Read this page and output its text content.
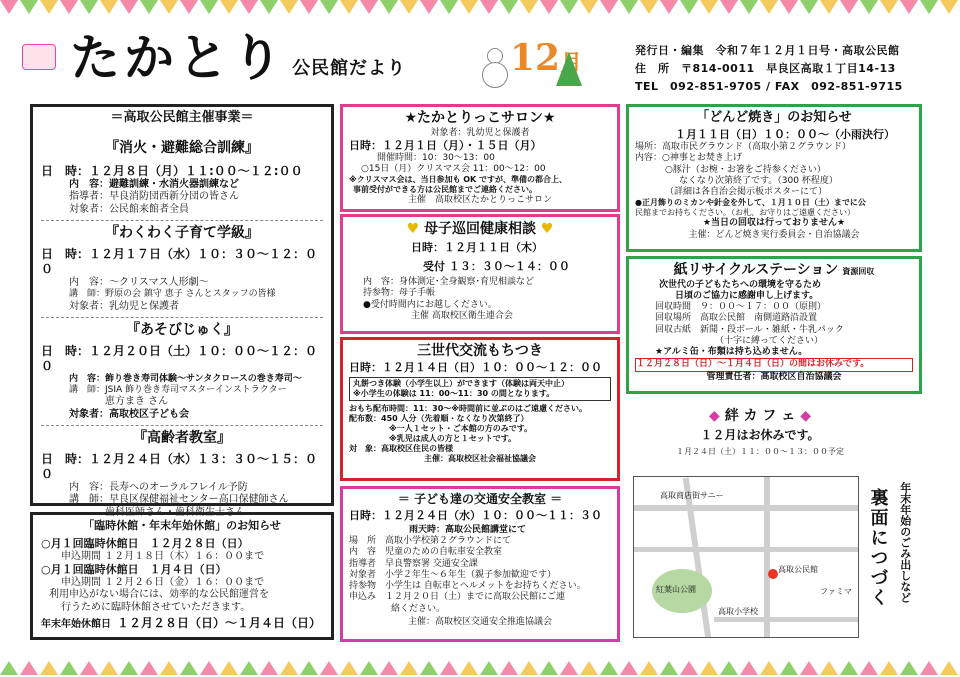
たかとり 公民館だより	12月	発行日・編集　令和７年１２月１日号・高取公民館
住　所　〒814-0011　早良区高取１丁目14-13
TEL　092-851-9705 / FAX　092-851-9715
＝高取公民館主催事業＝
『消火・避難総合訓練』
日　時：１２月８日（月）１１:００～１２:００
内　容：避難訓練・水消火器訓練など
指導者：早良消防団西新分団の皆さん
対象者：公民館来館者全員
『わくわく子育て学級』
日　時：１２月１７日（水）１０：３０～１２：００
内　容：～クリスマス人形劇～
講　師：野原の会 鎮守 恵子 さんとスタッフの皆様
対象者：乳幼児と保護者
『あそびじゅく』
日　時：１２月２０日（土）１０：００～１２：００
内　容：飾り巻き寿司体験～サンタクロースの巻き寿司～
講　師：JSIA 飾り巻き寿司マスターインストラクター
恵方まき さん
対象者：高取校区子ども会
『高齢者教室』
日　時：１２月２４日（水）１３：３０～１５：００
内　容：長寿へのオーラルフレイル予防
講　師：早良区保健福祉センター高口保健師さん
歯科医師さん・歯科衛生士さん
「臨時休館・年末年始休館」のお知らせ
○月１回臨時休館日　１２月２８日（日）
申込期間 １２月１８日（木）１６：００まで
○月１回臨時休館日　１月４日（日）
申込期間 １２月２６日（金）１６：００まで
利用申込がない場合には、効率的な公民館運営を
行うために臨時休館させていただきます。
年末年始休館日 １２月２８日（日）～１月４日（日）
★たかとりっこサロン★
対象者：乳幼児と保護者
日時：１２月１日（月）・１５日（月）
開催時間：10：30～13：00
○15日（月）クリスマス会 11：00～12：00
※クリスマス会は、当日参加も OK ですが、準備の都合上、
事前受付ができる方は公民館までご連絡ください。
主催　高取校区たかとりっこサロン
♥ 母子巡回健康相談 ♥
日時：１２月１１日（木）
受付 １３：３０～１４：００
内　容：身体測定･全身観察･育児相談など
持参物：母子手帳
●受付時間内にお越しください。
主催 高取校区衛生連合会
三世代交流もちつき
日時：１２月１４日（日）１０：００～１２：００
丸餅つき体験（小学生以上）ができます（体験は両天中止）
※小学生の体験は 11：00～11：30 の間となります。
おもち配布時間：11：30～※時間前に並ぶのはご遠慮ください。
配布数：450 人分（先着順・なくなり次第終了）
※一人１セット・ご本館の方のみです。
※乳児は成人の方と１セットです。
対　象：高取校区住民の皆様
主催：高取校区社会福祉協議会
＝ 子ども達の交通安全教室 ＝
日時：１２月２４日（水）１０：００～１１：３０
雨天時：高取公民館講堂にて
場　所　高取小学校第２グラウンドにて
内　容　児童のための自転車安全教室
指導者　早良警察署 交通安全課
対象者　小学２年生～６年生（親子参加歓迎です）
持参物　小学生は 自転車とヘルメットをお持ちください。
申込み　１２月２０日（土）までに高取公民館にご連
絡ください。
主催：高取校区交通安全推進協議会
「どんど焼き」のお知らせ
１月１１日（日）１０：００～（小雨決行）
場所：高取市民グラウンド（高取小第２グラウンド）
内容：○神事とお焚き上げ
○豚汁（お椀・お箸をご持参ください）
なくなり次第終了です。（300 杯程度）
（詳細は各自治会掲示板ポスターにて）
●正月飾りのミカンや針金を外して、１月１０日（土）までに公
民館までお持ちください。（お札、お守りはご遠慮ください）
★当日の回収は行っておりません★
主催：どんど焼き実行委員会・自治協議会
紙リサイクルステーション 資源回収
次世代の子どもたちへの環境を守るため
日頃のご協力に感謝申し上げます。
回収時間　９：００～１７：００（原則）
回収場所　高取公民館　南側道路沿設置
回収古紙　新聞・段ボール・雑紙・牛乳パック
（十字に縛ってください）
★アルミ缶・布類は持ち込めません。
１２月２８日（日）～１月４日（日）の間はお休みです。
管理責任者：高取校区自治協議会
◆ 絆 カ フ ェ ◆
１２月はお休みです。
１月２４日（土）１１：００～１３：００予定
高取商店街サニー
高取公民館
紅葉山公園
高取小学校
ファミマ 裏面につづく 年末年始のごみ出しなど
